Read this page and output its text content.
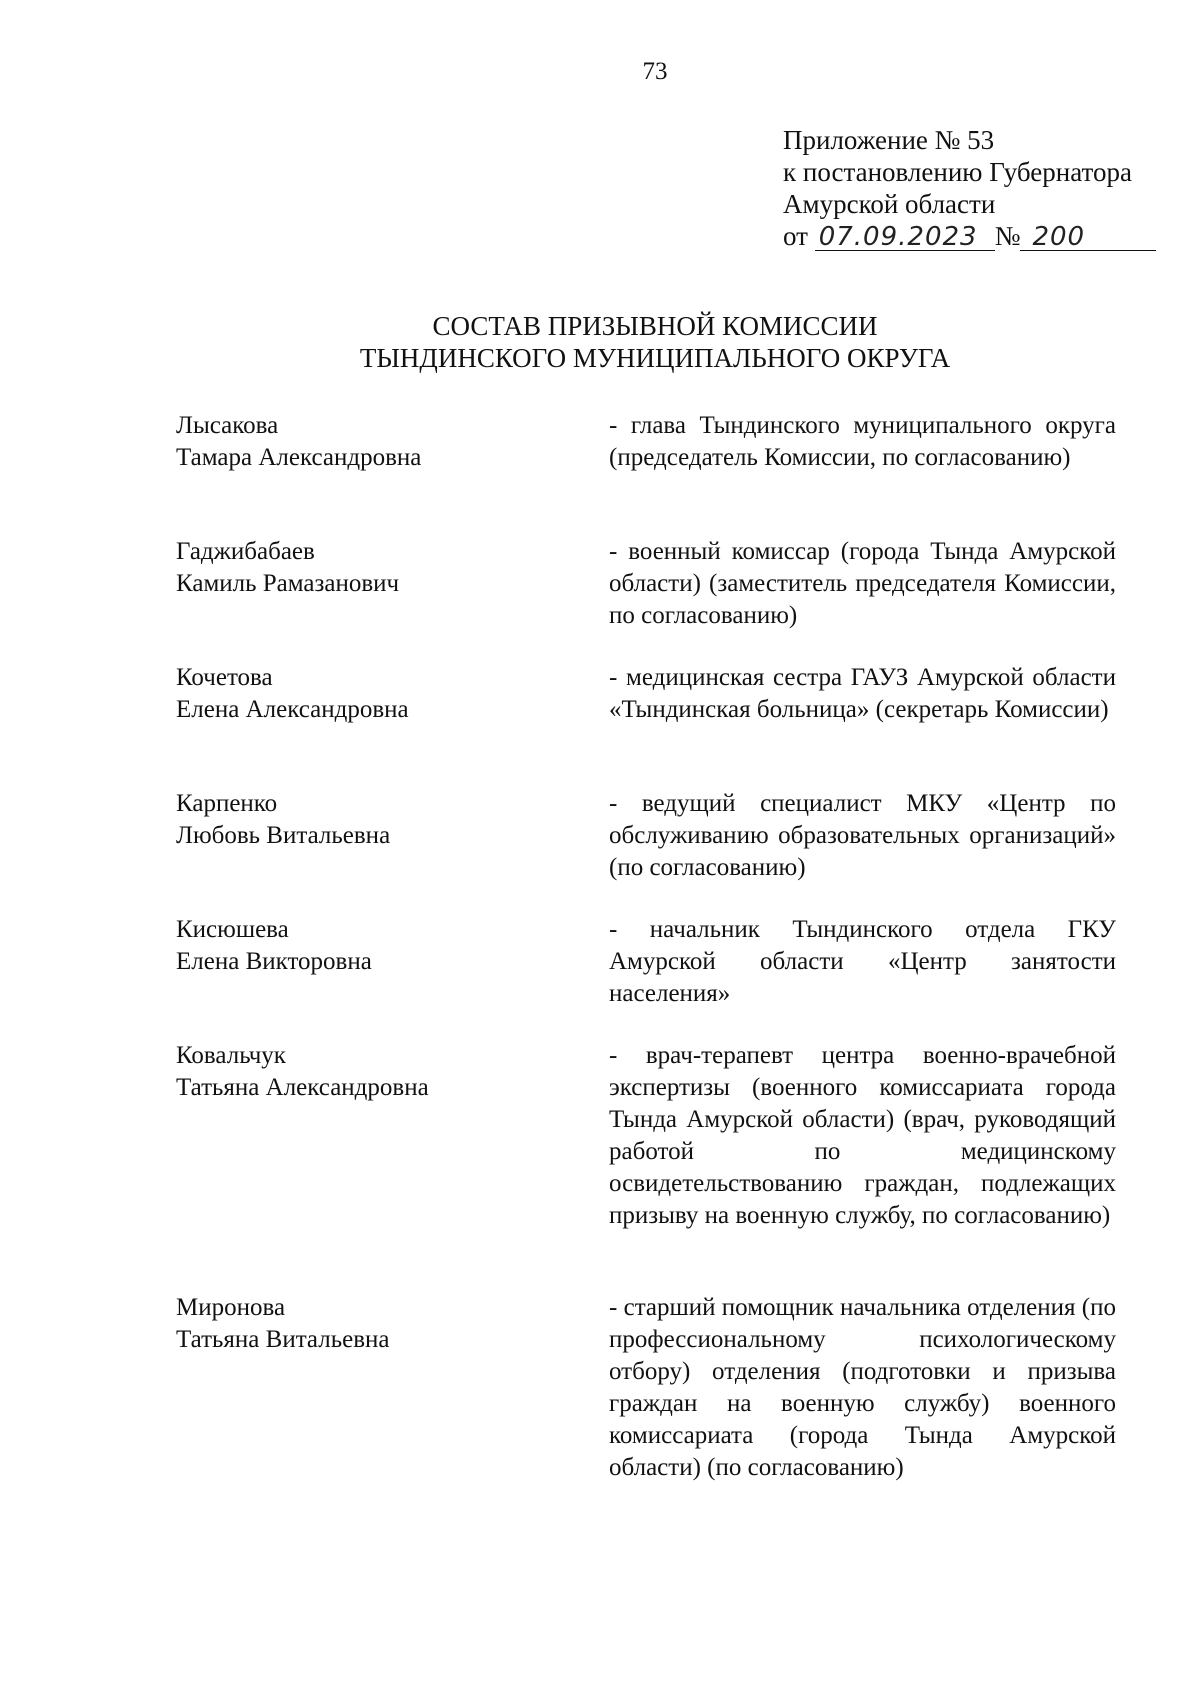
73
Приложение № 53
к постановлению Губернатора
Амурской области
от 07.09.2023 № 200
СОСТАВ ПРИЗЫВНОЙ КОМИССИИ
ТЫНДИНСКОГО МУНИЦИПАЛЬНОГО ОКРУГА
Лысакова
Тамара Александровна
- глава Тындинского муниципального округа (председатель Комиссии, по согласованию)
Гаджибабаев
Камиль Рамазанович
- военный комиссар (города Тында Амурской области) (заместитель председателя Комиссии, по согласованию)
Кочетова
Елена Александровна
- медицинская сестра ГАУЗ Амурской области «Тындинская больница» (секретарь Комиссии)
Карпенко
Любовь Витальевна
- ведущий специалист МКУ «Центр по обслуживанию образовательных организаций» (по согласованию)
Кисюшева
Елена Викторовна
- начальник Тындинского отдела ГКУ Амурской области «Центр занятости населения»
Ковальчук
Татьяна Александровна
- врач-терапевт центра военно-врачебной экспертизы (военного комиссариата города Тында Амурской области) (врач, руководящий работой по медицинскому освидетельствованию граждан, подлежащих призыву на военную службу, по согласованию)
Миронова
Татьяна Витальевна
- старший помощник начальника отделения (по профессиональному психологическому отбору) отделения (подготовки и призыва граждан на военную службу) военного комиссариата (города Тында Амурской области) (по согласованию)
